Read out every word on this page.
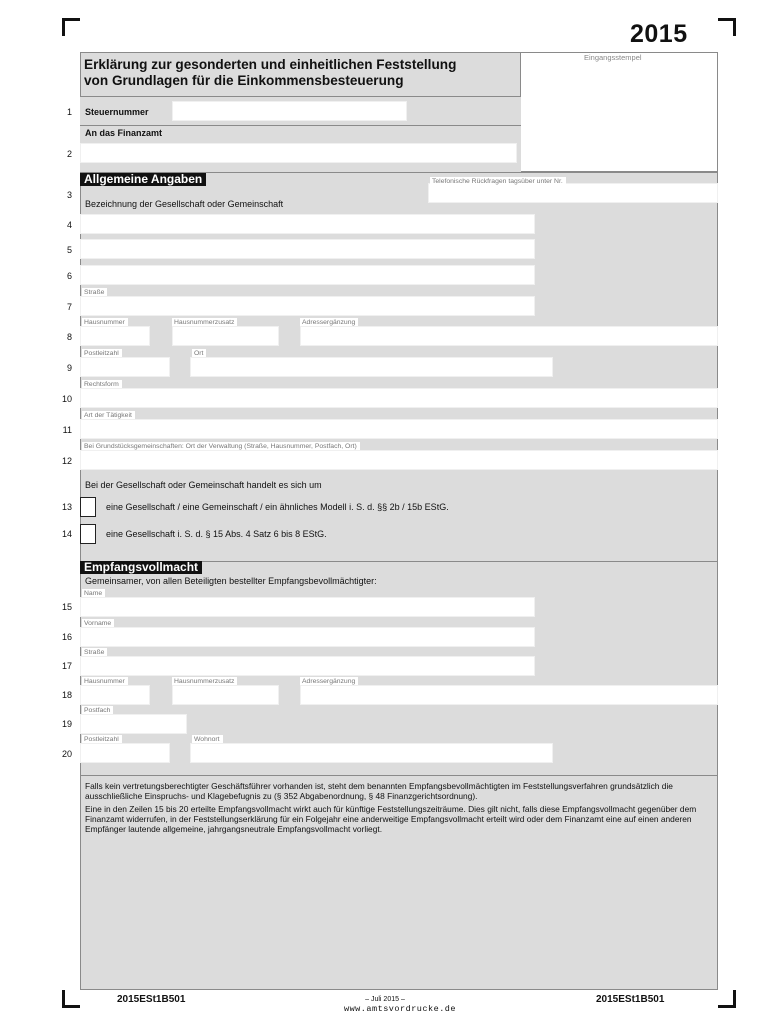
2015
Eingangsstempel
Erklärung zur gesonderten und einheitlichen Feststellung
von Grundlagen für die Einkommensbesteuerung
1 Steuernummer
An das Finanzamt
2
Allgemeine Angaben	Telefonische Rückfragen tagsüber unter Nr.
3
Bezeichnung der Gesellschaft oder Gemeinschaft
4
5
6
Straße
7
Hausnummer	Hausnummerzusatz	Adressergänzung
8
Postleitzahl	Ort
9
Rechtsform
10
Art der Tätigkeit
11
Bei Grundstücksgemeinschaften: Ort der Verwaltung (Straße, Hausnummer, Postfach, Ort)
12
Bei der Gesellschaft oder Gemeinschaft handelt es sich um
13	eine Gesellschaft / eine Gemeinschaft / ein ähnliches Modell i. S. d. §§ 2b / 15b EStG.
14	eine Gesellschaft i. S. d. § 15 Abs. 4 Satz 6 bis 8 EStG.
Empfangsvollmacht
Gemeinsamer, von allen Beteiligten bestellter Empfangsbevollmächtigter:
Name
15
Vorname
16
Straße
17
Hausnummer	Hausnummerzusatz	Adressergänzung
18
Postfach
19
Postleitzahl	Wohnort
20
Falls kein vertretungsberechtigter Geschäftsführer vorhanden ist, steht dem benannten Empfangsbevollmächtigten im Feststellungsverfahren grundsätzlich die ausschließliche Einspruchs- und Klagebefugnis zu (§ 352 Abgabenordnung, § 48 Finanzgerichtsordnung).
Eine in den Zeilen 15 bis 20 erteilte Empfangsvollmacht wirkt auch für künftige Feststellungszeiträume. Dies gilt nicht, falls diese Empfangsvollmacht gegenüber dem Finanzamt widerrufen, in der Feststellungserklärung für ein Folgejahr eine anderweitige Empfangsvollmacht erteilt wird oder dem Finanzamt eine auf einen anderen Empfänger lautende allgemeine, jahrgangsneutrale Empfangsvollmacht vorliegt.
2015ESt1B501	2015ESt1B501
– Juli 2015 –
www.amtsvordrucke.de
